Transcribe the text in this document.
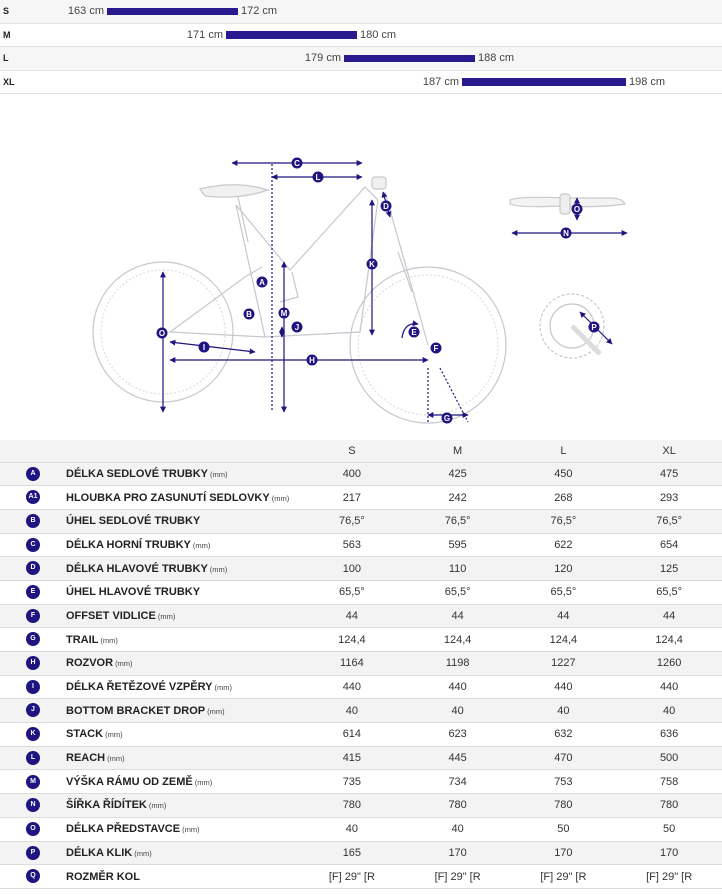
S	163 cm	172 cm
M	171 cm	180 cm
L	179 cm	188 cm
XL	187 cm	198 cm
A
B
C
D
E
F
G
H
I
J
K
L
M
N
O
O
P
		S	M	L	XL
A	DÉLKA SEDLOVÉ TRUBKY (mm)	400	425	450	475
A1	HLOUBKA PRO ZASUNUTÍ SEDLOVKY (mm)	217	242	268	293
B	ÚHEL SEDLOVÉ TRUBKY	76,5°	76,5°	76,5°	76,5°
C	DÉLKA HORNÍ TRUBKY (mm)	563	595	622	654
D	DÉLKA HLAVOVÉ TRUBKY (mm)	100	110	120	125
E	ÚHEL HLAVOVÉ TRUBKY	65,5°	65,5°	65,5°	65,5°
F	OFFSET VIDLICE (mm)	44	44	44	44
G	TRAIL (mm)	124,4	124,4	124,4	124,4
H	ROZVOR (mm)	1164	1198	1227	1260
I	DÉLKA ŘETĚZOVÉ VZPĚRY (mm)	440	440	440	440
J	BOTTOM BRACKET DROP (mm)	40	40	40	40
K	STACK (mm)	614	623	632	636
L	REACH (mm)	415	445	470	500
M	VÝŠKA RÁMU OD ZEMĚ (mm)	735	734	753	758
N	ŠÍŘKA ŘÍDÍTEK (mm)	780	780	780	780
O	DÉLKA PŘEDSTAVCE (mm)	40	40	50	50
P	DÉLKA KLIK (mm)	165	170	170	170
Q	ROZMĚR KOL	[F] 29" [R	[F] 29" [R	[F] 29" [R	[F] 29" [R
